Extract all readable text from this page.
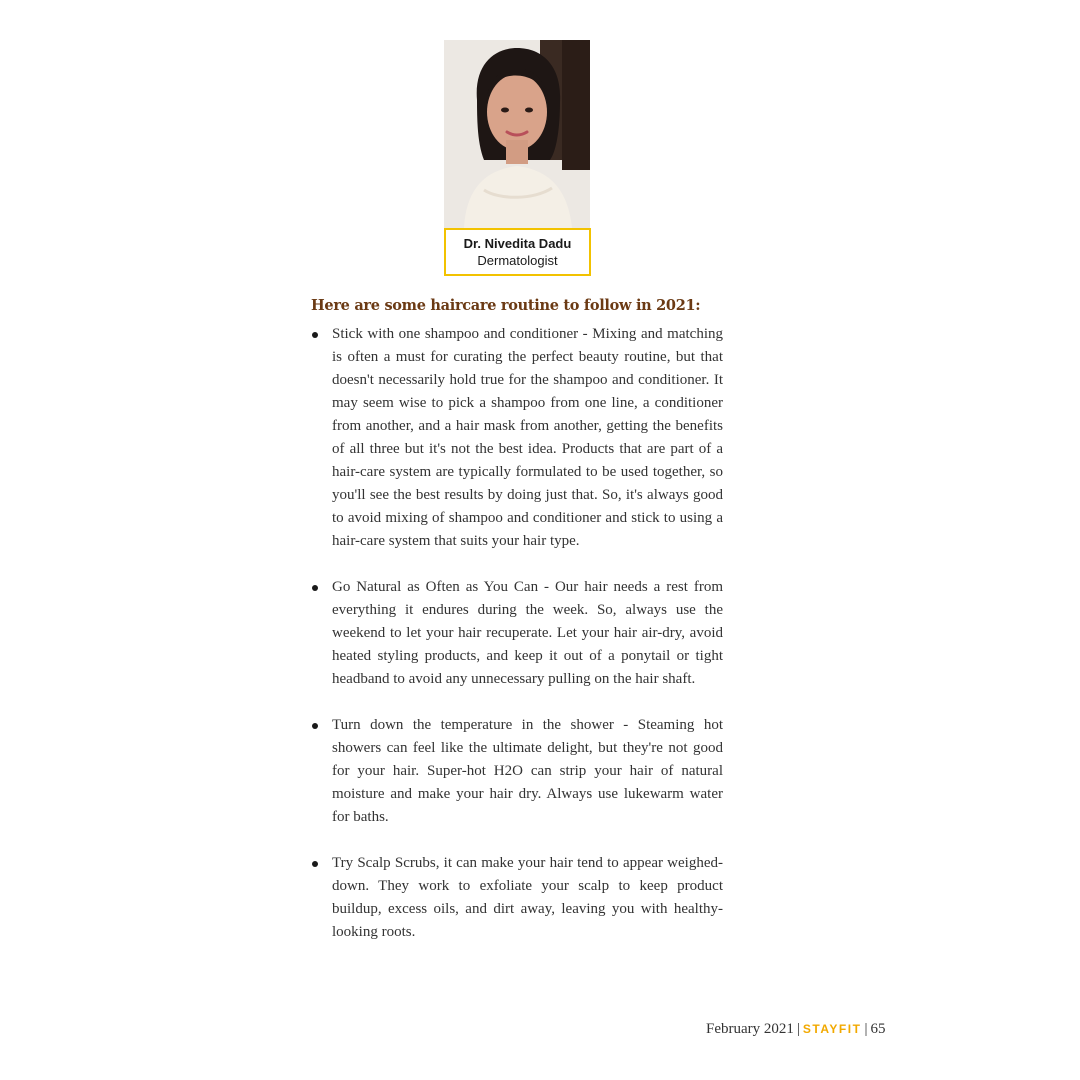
Dr. Nivedita Dadu
Dermatologist
Here are some haircare routine to follow in 2021:
Stick with one shampoo and conditioner - Mixing and matching is often a must for curating the perfect beauty routine, but that doesn't necessarily hold true for the shampoo and conditioner. It may seem wise to pick a shampoo from one line, a conditioner from another, and a hair mask from another, getting the benefits of all three but it's not the best idea. Products that are part of a hair-care system are typically formulated to be used together, so you'll see the best results by doing just that. So, it's always good to avoid mixing of shampoo and conditioner and stick to using a hair-care system that suits your hair type.
Go Natural as Often as You Can - Our hair needs a rest from everything it endures during the week. So, always use the weekend to let your hair recuperate. Let your hair air-dry, avoid heated styling products, and keep it out of a ponytail or tight headband to avoid any unnecessary pulling on the hair shaft.
Turn down the temperature in the shower - Steaming hot showers can feel like the ultimate delight, but they're not good for your hair. Super-hot H2O can strip your hair of natural moisture and make your hair dry. Always use lukewarm water for baths.
Try Scalp Scrubs, it can make your hair tend to appear weighed-down. They work to exfoliate your scalp to keep product buildup, excess oils, and dirt away, leaving you with healthy-looking roots.
February 2021 | STAYFIT | 65
